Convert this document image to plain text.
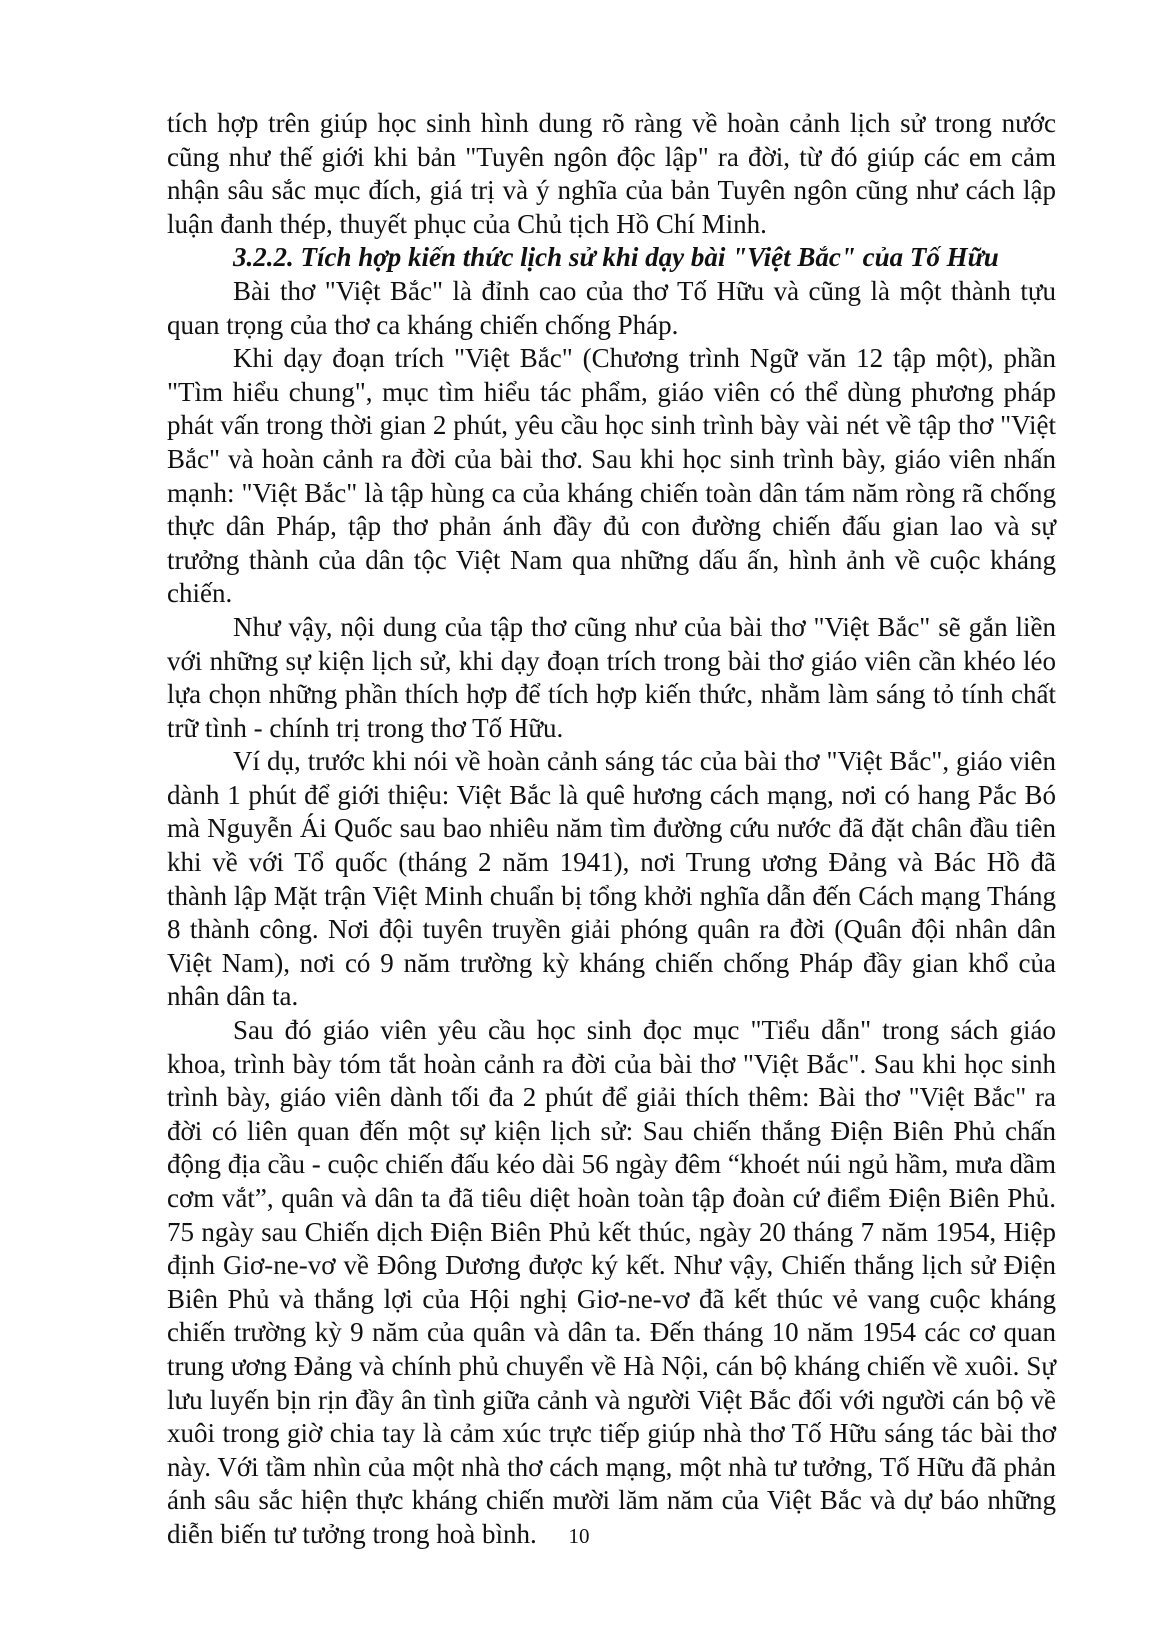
tích hợp trên giúp học sinh hình dung rõ ràng về hoàn cảnh lịch sử trong nước cũng như thế giới khi bản "Tuyên ngôn độc lập" ra đời, từ đó giúp các em cảm nhận sâu sắc mục đích, giá trị và ý nghĩa của bản Tuyên ngôn cũng như cách lập luận đanh thép, thuyết phục của Chủ tịch Hồ Chí Minh.

3.2.2. Tích hợp kiến thức lịch sử khi dạy bài "Việt Bắc" của Tố Hữu

Bài thơ "Việt Bắc" là đỉnh cao của thơ Tố Hữu và cũng là một thành tựu quan trọng của thơ ca kháng chiến chống Pháp.

Khi dạy đoạn trích "Việt Bắc" (Chương trình Ngữ văn 12 tập một), phần "Tìm hiểu chung", mục tìm hiểu tác phẩm, giáo viên có thể dùng phương pháp phát vấn trong thời gian 2 phút, yêu cầu học sinh trình bày vài nét về tập thơ "Việt Bắc" và hoàn cảnh ra đời của bài thơ. Sau khi học sinh trình bày, giáo viên nhấn mạnh: "Việt Bắc" là tập hùng ca của kháng chiến toàn dân tám năm ròng rã chống thực dân Pháp, tập thơ phản ánh đầy đủ con đường chiến đấu gian lao và sự trưởng thành của dân tộc Việt Nam qua những dấu ấn, hình ảnh về cuộc kháng chiến.

Như vậy, nội dung của tập thơ cũng như của bài thơ "Việt Bắc" sẽ gắn liền với những sự kiện lịch sử, khi dạy đoạn trích trong bài thơ giáo viên cần khéo léo lựa chọn những phần thích hợp để tích hợp kiến thức, nhằm làm sáng tỏ tính chất trữ tình - chính trị trong thơ Tố Hữu.

Ví dụ, trước khi nói về hoàn cảnh sáng tác của bài thơ "Việt Bắc", giáo viên dành 1 phút để giới thiệu: Việt Bắc là quê hương cách mạng, nơi có hang Pắc Bó mà Nguyễn Ái Quốc sau bao nhiêu năm tìm đường cứu nước đã đặt chân đầu tiên khi về với Tổ quốc (tháng 2 năm 1941), nơi Trung ương Đảng và Bác Hồ đã thành lập Mặt trận Việt Minh chuẩn bị tổng khởi nghĩa dẫn đến Cách mạng Tháng 8 thành công. Nơi đội tuyên truyền giải phóng quân ra đời (Quân đội nhân dân Việt Nam), nơi có 9 năm trường kỳ kháng chiến chống Pháp đầy gian khổ của nhân dân ta.

Sau đó giáo viên yêu cầu học sinh đọc mục "Tiểu dẫn" trong sách giáo khoa, trình bày tóm tắt hoàn cảnh ra đời của bài thơ "Việt Bắc". Sau khi học sinh trình bày, giáo viên dành tối đa 2 phút để giải thích thêm: Bài thơ "Việt Bắc" ra đời có liên quan đến một sự kiện lịch sử: Sau chiến thắng Điện Biên Phủ chấn động địa cầu - cuộc chiến đấu kéo dài 56 ngày đêm “khoét núi ngủ hầm, mưa dầm cơm vắt”, quân và dân ta đã tiêu diệt hoàn toàn tập đoàn cứ điểm Điện Biên Phủ. 75 ngày sau Chiến dịch Điện Biên Phủ kết thúc, ngày 20 tháng 7 năm 1954, Hiệp định Giơ-ne-vơ về Đông Dương được ký kết. Như vậy, Chiến thắng lịch sử Điện Biên Phủ và thắng lợi của Hội nghị Giơ-ne-vơ đã kết thúc vẻ vang cuộc kháng chiến trường kỳ 9 năm của quân và dân ta. Đến tháng 10 năm 1954 các cơ quan trung ương Đảng và chính phủ chuyển về Hà Nội, cán bộ kháng chiến về xuôi. Sự lưu luyến bịn rịn đầy ân tình giữa cảnh và người Việt Bắc đối với người cán bộ về xuôi trong giờ chia tay là cảm xúc trực tiếp giúp nhà thơ Tố Hữu sáng tác bài thơ này. Với tầm nhìn của một nhà thơ cách mạng, một nhà tư tưởng, Tố Hữu đã phản ánh sâu sắc hiện thực kháng chiến mười lăm năm của Việt Bắc và dự báo những diễn biến tư tưởng trong hoà bình.	10
